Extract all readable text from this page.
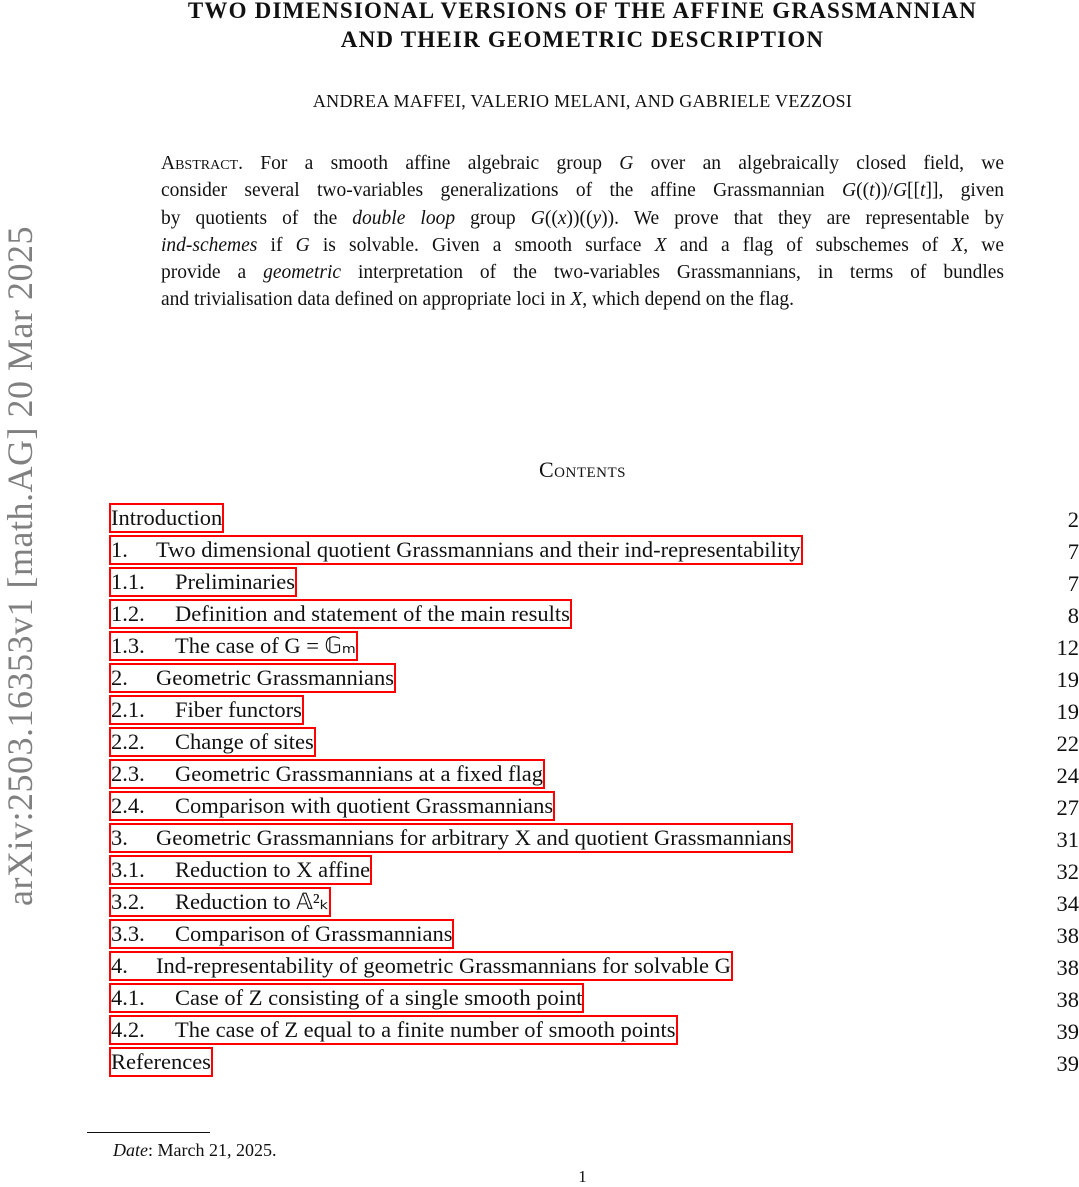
arXiv:2503.16353v1 [math.AG] 20 Mar 2025
TWO DIMENSIONAL VERSIONS OF THE AFFINE GRASSMANNIAN
AND THEIR GEOMETRIC DESCRIPTION
ANDREA MAFFEI, VALERIO MELANI, AND GABRIELE VEZZOSI
Abstract. For a smooth affine algebraic group G over an algebraically closed field, we
consider several two-variables generalizations of the affine Grassmannian G((t))/G[[t]], given
by quotients of the double loop group G((x))((y)). We prove that they are representable by
ind-schemes if G is solvable. Given a smooth surface X and a flag of subschemes of X, we
provide a geometric interpretation of the two-variables Grassmannians, in terms of bundles
and trivialisation data defined on appropriate loci in X, which depend on the flag.
Contents
Introduction	2
1. Two dimensional quotient Grassmannians and their ind-representability	7
1.1. Preliminaries	7
1.2. Definition and statement of the main results	8
1.3. The case of G = 𝔾ₘ	12
2. Geometric Grassmannians	19
2.1. Fiber functors	19
2.2. Change of sites	22
2.3. Geometric Grassmannians at a fixed flag	24
2.4. Comparison with quotient Grassmannians	27
3. Geometric Grassmannians for arbitrary X and quotient Grassmannians	31
3.1. Reduction to X affine	32
3.2. Reduction to 𝔸²ₖ	34
3.3. Comparison of Grassmannians	38
4. Ind-representability of geometric Grassmannians for solvable G	38
4.1. Case of Z consisting of a single smooth point	38
4.2. The case of Z equal to a finite number of smooth points	39
References	39
Date: March 21, 2025.
1
